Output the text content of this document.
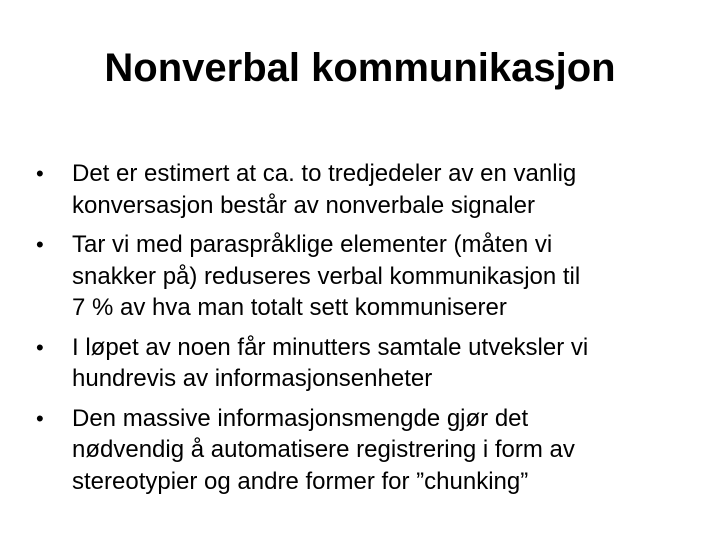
Nonverbal kommunikasjon
• Det er estimert at ca. to tredjedeler av en vanlig
konversasjon består av nonverbale signaler
• Tar vi med paraspråklige elementer (måten vi
snakker på) reduseres verbal kommunikasjon til
7 % av hva man totalt sett kommuniserer
• I løpet av noen får minutters samtale utveksler vi
hundrevis av informasjonsenheter
• Den massive informasjonsmengde gjør det
nødvendig å automatisere registrering i form av
stereotypier og andre former for ”chunking”
